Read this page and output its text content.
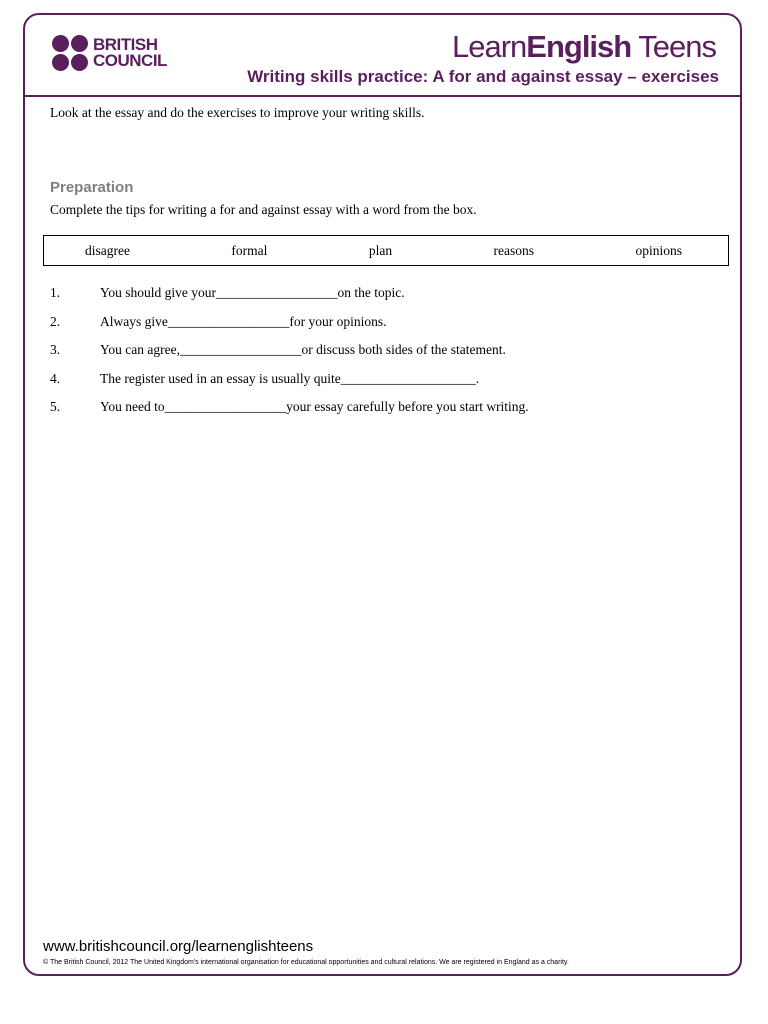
BRITISH
COUNCIL	LearnEnglish Teens
Writing skills practice: A for and against essay – exercises
Look at the essay and do the exercises to improve your writing skills.
Preparation
Complete the tips for writing a for and against essay with a word from the box.
disagree	formal	plan	reasons	opinions
1.	You should give your__________________on the topic.
2.	Always give__________________for your opinions.
3.	You can agree,__________________or discuss both sides of the statement.
4.	The register used in an essay is usually quite____________________.
5.	You need to__________________your essay carefully before you start writing.
www.britishcouncil.org/learnenglishteens
© The British Council, 2012 The United Kingdom's international organisation for educational opportunities and cultural relations. We are registered in England as a charity.
